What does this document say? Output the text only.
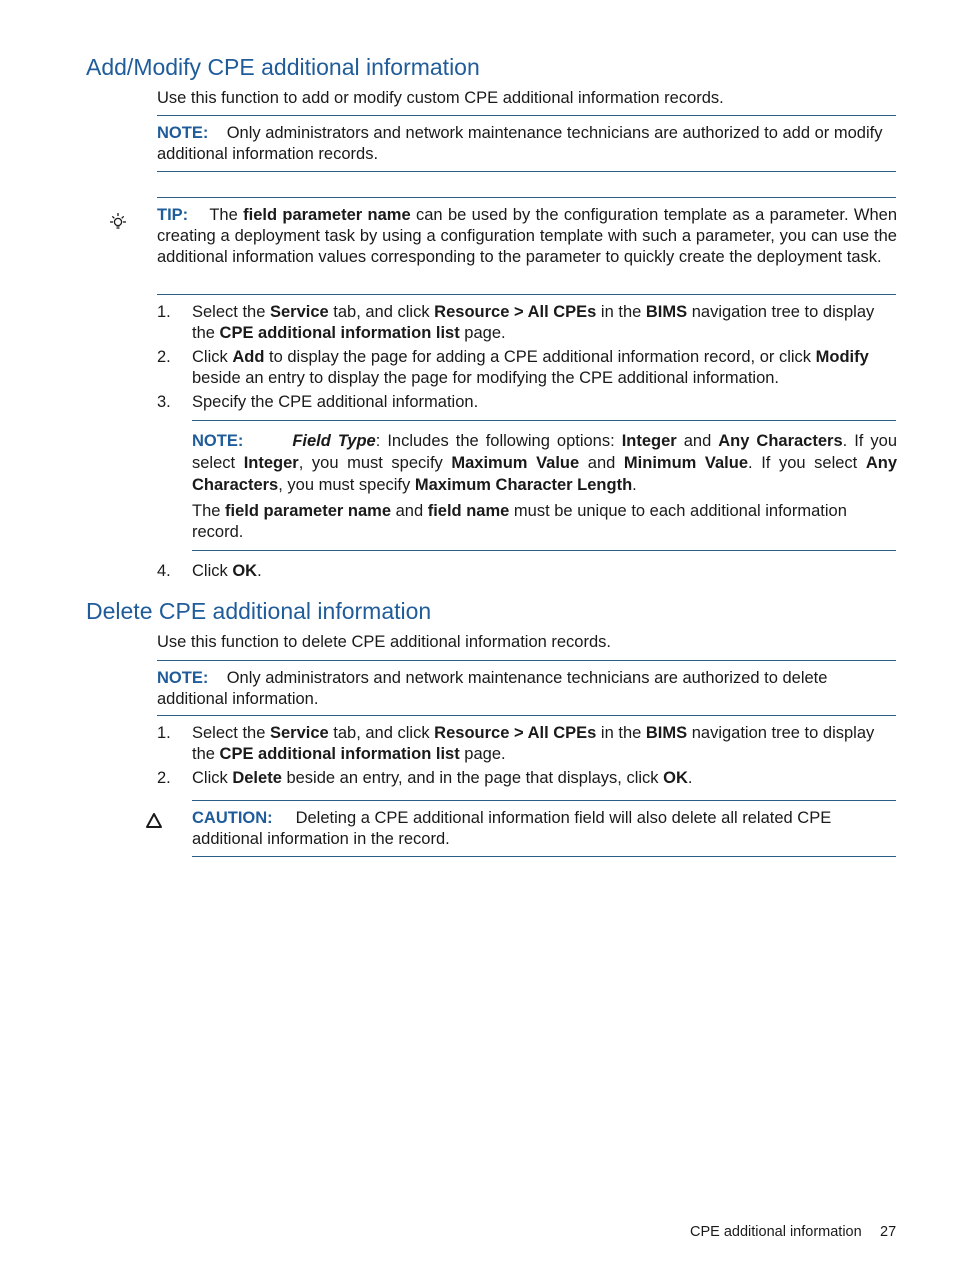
Add/Modify CPE additional information
Use this function to add or modify custom CPE additional information records.
NOTE: Only administrators and network maintenance technicians are authorized to add or modify additional information records.
TIP: The field parameter name can be used by the configuration template as a parameter. When creating a deployment task by using a configuration template with such a parameter, you can use the additional information values corresponding to the parameter to quickly create the deployment task.
1.	Select the Service tab, and click Resource > All CPEs in the BIMS navigation tree to display the CPE additional information list page.
2.	Click Add to display the page for adding a CPE additional information record, or click Modify beside an entry to display the page for modifying the CPE additional information.
3.	Specify the CPE additional information.
NOTE:	Field Type: Includes the following options: Integer and Any Characters. If you select Integer, you must specify Maximum Value and Minimum Value. If you select Any Characters, you must specify Maximum Character Length.
The field parameter name and field name must be unique to each additional information record.
4.	Click OK.
Delete CPE additional information
Use this function to delete CPE additional information records.
NOTE: Only administrators and network maintenance technicians are authorized to delete additional information.
1.	Select the Service tab, and click Resource > All CPEs in the BIMS navigation tree to display the CPE additional information list page.
2.	Click Delete beside an entry, and in the page that displays, click OK.
CAUTION: Deleting a CPE additional information field will also delete all related CPE additional information in the record.
CPE additional information 27
